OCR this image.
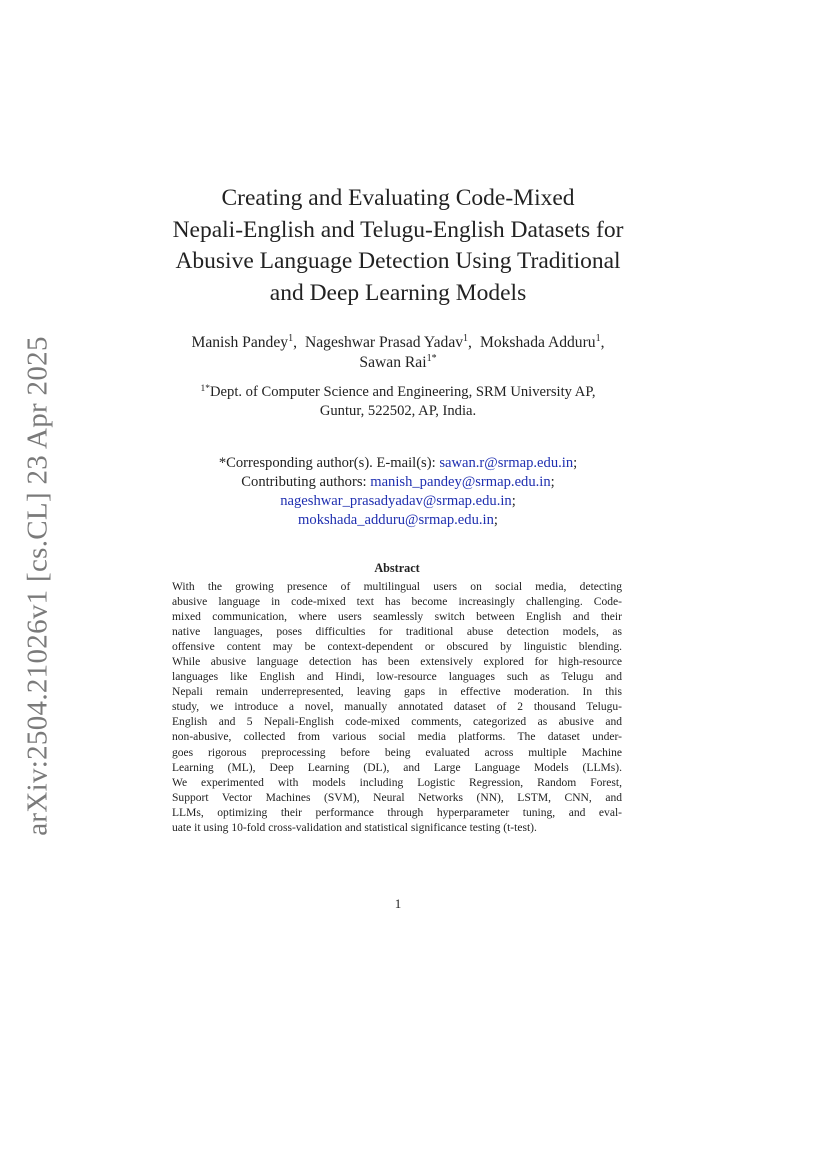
arXiv:2504.21026v1 [cs.CL] 23 Apr 2025
Creating and Evaluating Code-Mixed
Nepali-English and Telugu-English Datasets for
Abusive Language Detection Using Traditional
and Deep Learning Models
Manish Pandey$^1$, Nageshwar Prasad Yadav$^1$, Mokshada Adduru$^1$,
Sawan Rai$^{1*}$
$^{1*}$Dept. of Computer Science and Engineering, SRM University AP,
Guntur, 522502, AP, India.
*Corresponding author(s). E-mail(s): sawan.r@srmap.edu.in;
Contributing authors: manish_pandey@srmap.edu.in;
nageshwar_prasadyadav@srmap.edu.in;
mokshada_adduru@srmap.edu.in;
Abstract
With the growing presence of multilingual users on social media, detecting
abusive language in code-mixed text has become increasingly challenging. Code-
mixed communication, where users seamlessly switch between English and their
native languages, poses difficulties for traditional abuse detection models, as
offensive content may be context-dependent or obscured by linguistic blending.
While abusive language detection has been extensively explored for high-resource
languages like English and Hindi, low-resource languages such as Telugu and
Nepali remain underrepresented, leaving gaps in effective moderation. In this
study, we introduce a novel, manually annotated dataset of 2 thousand Telugu-
English and 5 Nepali-English code-mixed comments, categorized as abusive and
non-abusive, collected from various social media platforms. The dataset under-
goes rigorous preprocessing before being evaluated across multiple Machine
Learning (ML), Deep Learning (DL), and Large Language Models (LLMs).
We experimented with models including Logistic Regression, Random Forest,
Support Vector Machines (SVM), Neural Networks (NN), LSTM, CNN, and
LLMs, optimizing their performance through hyperparameter tuning, and eval-
uate it using 10-fold cross-validation and statistical significance testing (t-test).
1
